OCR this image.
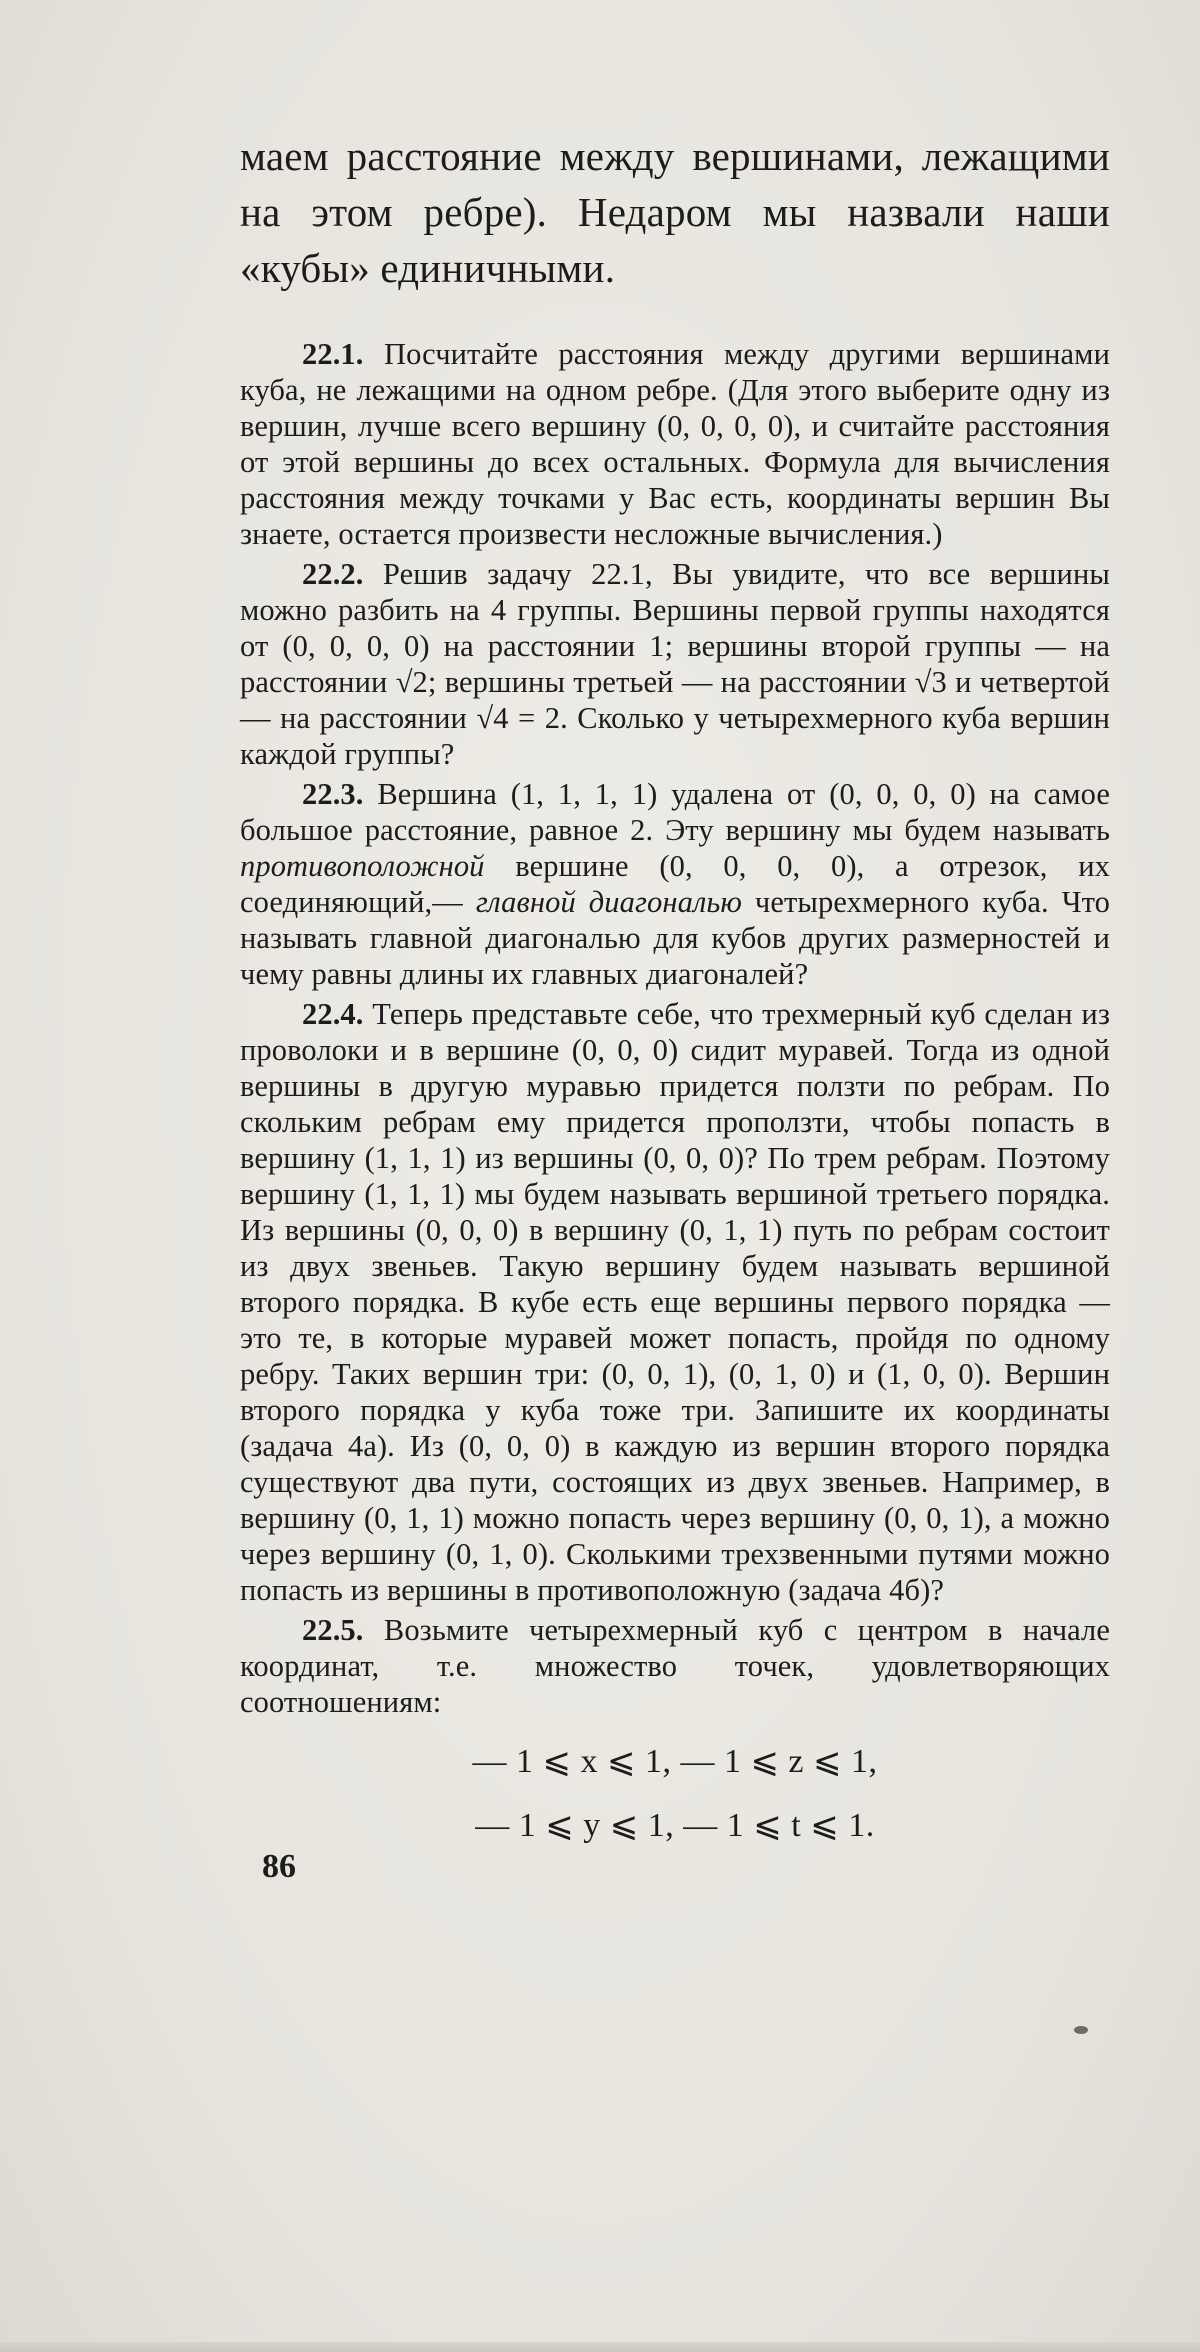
маем расстояние между вершинами, лежащими на этом ребре). Недаром мы назвали наши «кубы» единичными.

22.1. Посчитайте расстояния между другими вершинами куба, не лежащими на одном ребре. (Для этого выберите одну из вершин, лучше всего вершину (0, 0, 0, 0), и считайте расстояния от этой вершины до всех остальных. Формула для вычисления расстояния между точками у Вас есть, координаты вершин Вы знаете, остается произвести несложные вычисления.)

22.2. Решив задачу 22.1, Вы увидите, что все вершины можно разбить на 4 группы. Вершины первой группы находятся от (0, 0, 0, 0) на расстоянии 1; вершины второй группы — на расстоянии √2; вершины третьей — на расстоянии √3 и четвертой — на расстоянии √4 = 2. Сколько у четырехмерного куба вершин каждой группы?

22.3. Вершина (1, 1, 1, 1) удалена от (0, 0, 0, 0) на самое большое расстояние, равное 2. Эту вершину мы будем называть противоположной вершине (0, 0, 0, 0), а отрезок, их соединяющий,— главной диагональю четырехмерного куба. Что называть главной диагональю для кубов других размерностей и чему равны длины их главных диагоналей?

22.4. Теперь представьте себе, что трехмерный куб сделан из проволоки и в вершине (0, 0, 0) сидит муравей. Тогда из одной вершины в другую муравью придется ползти по ребрам. По скольким ребрам ему придется проползти, чтобы попасть в вершину (1, 1, 1) из вершины (0, 0, 0)? По трем ребрам. Поэтому вершину (1, 1, 1) мы будем называть вершиной третьего порядка. Из вершины (0, 0, 0) в вершину (0, 1, 1) путь по ребрам состоит из двух звеньев. Такую вершину будем называть вершиной второго порядка. В кубе есть еще вершины первого порядка — это те, в которые муравей может попасть, пройдя по одному ребру. Таких вершин три: (0, 0, 1), (0, 1, 0) и (1, 0, 0). Вершин второго порядка у куба тоже три. Запишите их координаты (задача 4а). Из (0, 0, 0) в каждую из вершин второго порядка существуют два пути, состоящих из двух звеньев. Например, в вершину (0, 1, 1) можно попасть через вершину (0, 0, 1), а можно через вершину (0, 1, 0). Сколькими трехзвенными путями можно попасть из вершины в противоположную (задача 4б)?

22.5. Возьмите четырехмерный куб с центром в начале координат, т.е. множество точек, удовлетворяющих соотношениям:

— 1 ⩽ x ⩽ 1, — 1 ⩽ z ⩽ 1,

— 1 ⩽ y ⩽ 1, — 1 ⩽ t ⩽ 1.

86
